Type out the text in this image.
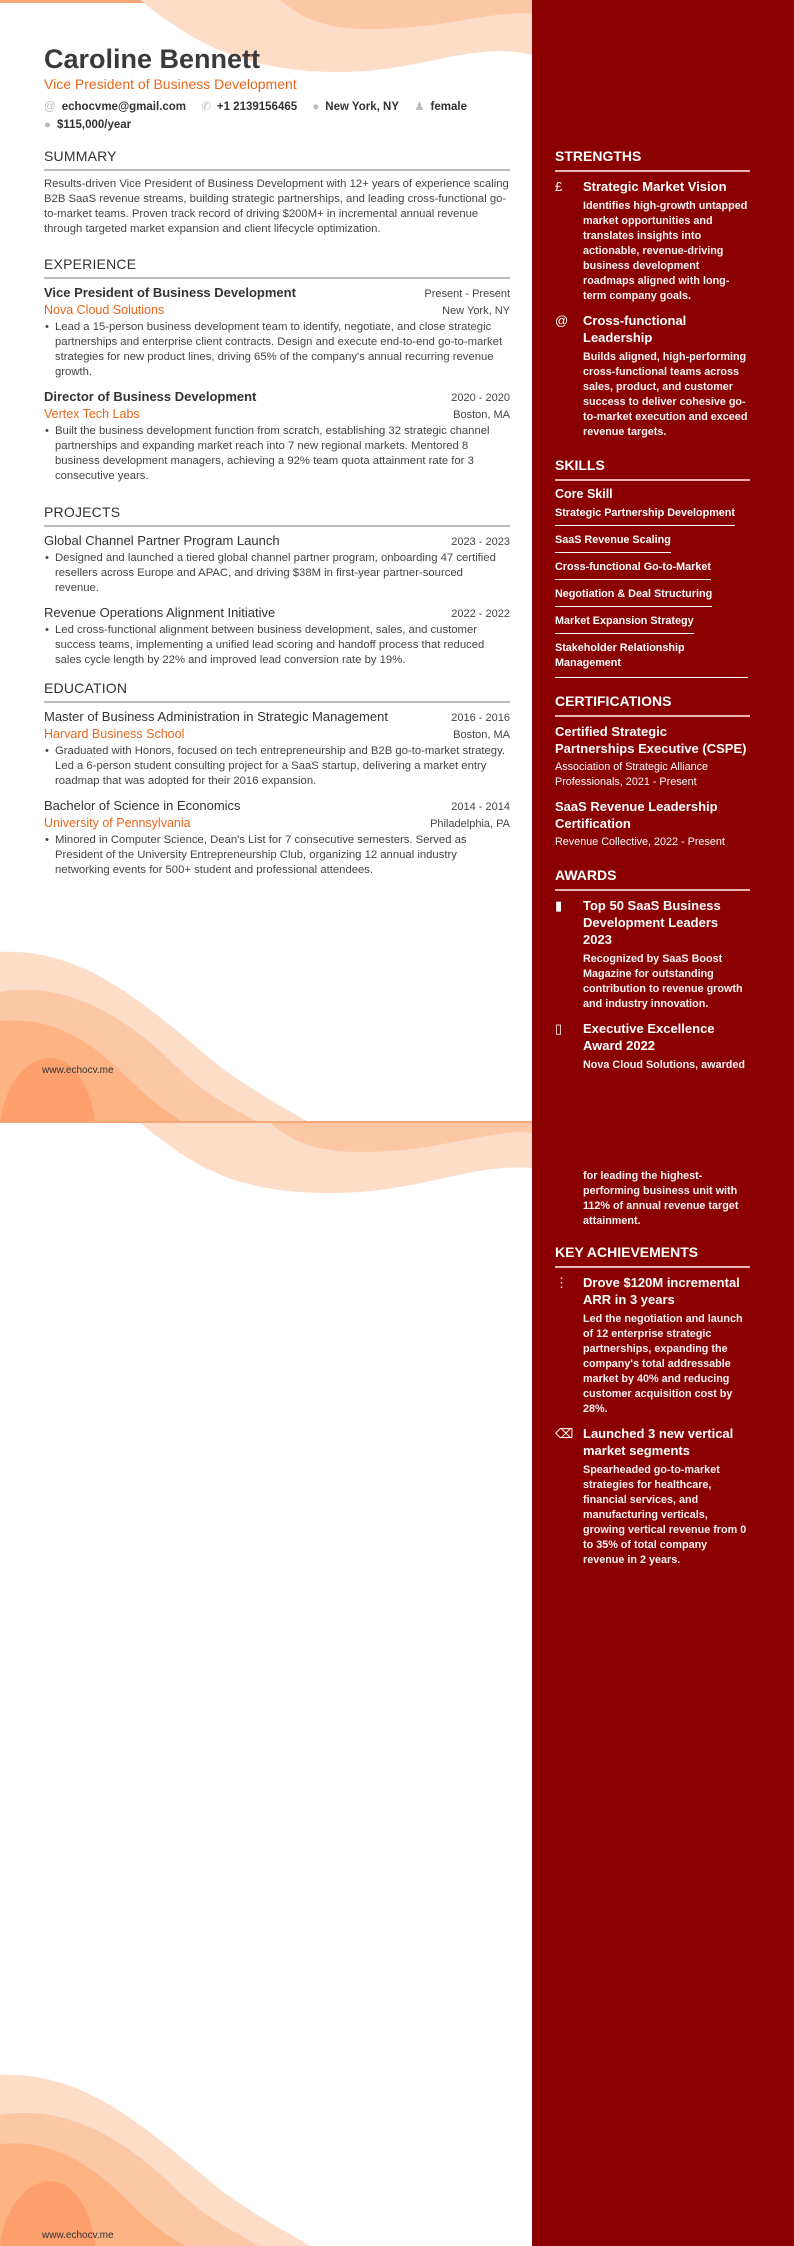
Caroline Bennett
Vice President of Business Development
@ echocvme@gmail.com ✆ +1 2139156465 ● New York, NY ♟ female
● $115,000/year
SUMMARY
Results-driven Vice President of Business Development with 12+ years of experience scaling B2B SaaS revenue streams, building strategic partnerships, and leading cross-functional go-to-market teams. Proven track record of driving $200M+ in incremental annual revenue through targeted market expansion and client lifecycle optimization.
EXPERIENCE
Vice President of Business Development	Present - Present
Nova Cloud Solutions	New York, NY
• Lead a 15-person business development team to identify, negotiate, and close strategic partnerships and enterprise client contracts. Design and execute end-to-end go-to-market strategies for new product lines, driving 65% of the company's annual recurring revenue growth.
Director of Business Development	2020 - 2020
Vertex Tech Labs	Boston, MA
• Built the business development function from scratch, establishing 32 strategic channel partnerships and expanding market reach into 7 new regional markets. Mentored 8 business development managers, achieving a 92% team quota attainment rate for 3 consecutive years.
PROJECTS
Global Channel Partner Program Launch	2023 - 2023
• Designed and launched a tiered global channel partner program, onboarding 47 certified resellers across Europe and APAC, and driving $38M in first-year partner-sourced revenue.
Revenue Operations Alignment Initiative	2022 - 2022
• Led cross-functional alignment between business development, sales, and customer success teams, implementing a unified lead scoring and handoff process that reduced sales cycle length by 22% and improved lead conversion rate by 19%.
EDUCATION
Master of Business Administration in Strategic Management	2016 - 2016
Harvard Business School	Boston, MA
• Graduated with Honors, focused on tech entrepreneurship and B2B go-to-market strategy. Led a 6-person student consulting project for a SaaS startup, delivering a market entry roadmap that was adopted for their 2016 expansion.
Bachelor of Science in Economics	2014 - 2014
University of Pennsylvania	Philadelphia, PA
• Minored in Computer Science, Dean's List for 7 consecutive semesters. Served as President of the University Entrepreneurship Club, organizing 12 annual industry networking events for 500+ student and professional attendees.
www.echocv.me
www.echocv.me
STRENGTHS
£	Strategic Market Vision
Identifies high-growth untapped market opportunities and translates insights into actionable, revenue-driving business development roadmaps aligned with long-term company goals.
@	Cross-functional Leadership
Builds aligned, high-performing cross-functional teams across sales, product, and customer success to deliver cohesive go-to-market execution and exceed revenue targets.
SKILLS
Core Skill
Strategic Partnership Development
SaaS Revenue Scaling
Cross-functional Go-to-Market
Negotiation & Deal Structuring
Market Expansion Strategy
Stakeholder Relationship Management
CERTIFICATIONS
Certified Strategic Partnerships Executive (CSPE)
Association of Strategic Alliance Professionals, 2021 - Present
SaaS Revenue Leadership Certification
Revenue Collective, 2022 - Present
AWARDS
▮	Top 50 SaaS Business Development Leaders 2023
Recognized by SaaS Boost Magazine for outstanding contribution to revenue growth and industry innovation.
▯	Executive Excellence Award 2022
Nova Cloud Solutions, awarded
for leading the highest-performing business unit with 112% of annual revenue target attainment.
KEY ACHIEVEMENTS
⋮	Drove $120M incremental ARR in 3 years
Led the negotiation and launch of 12 enterprise strategic partnerships, expanding the company's total addressable market by 40% and reducing customer acquisition cost by 28%.
⌫ Launched 3 new vertical market segments
Spearheaded go-to-market strategies for healthcare, financial services, and manufacturing verticals, growing vertical revenue from 0 to 35% of total company revenue in 2 years.
